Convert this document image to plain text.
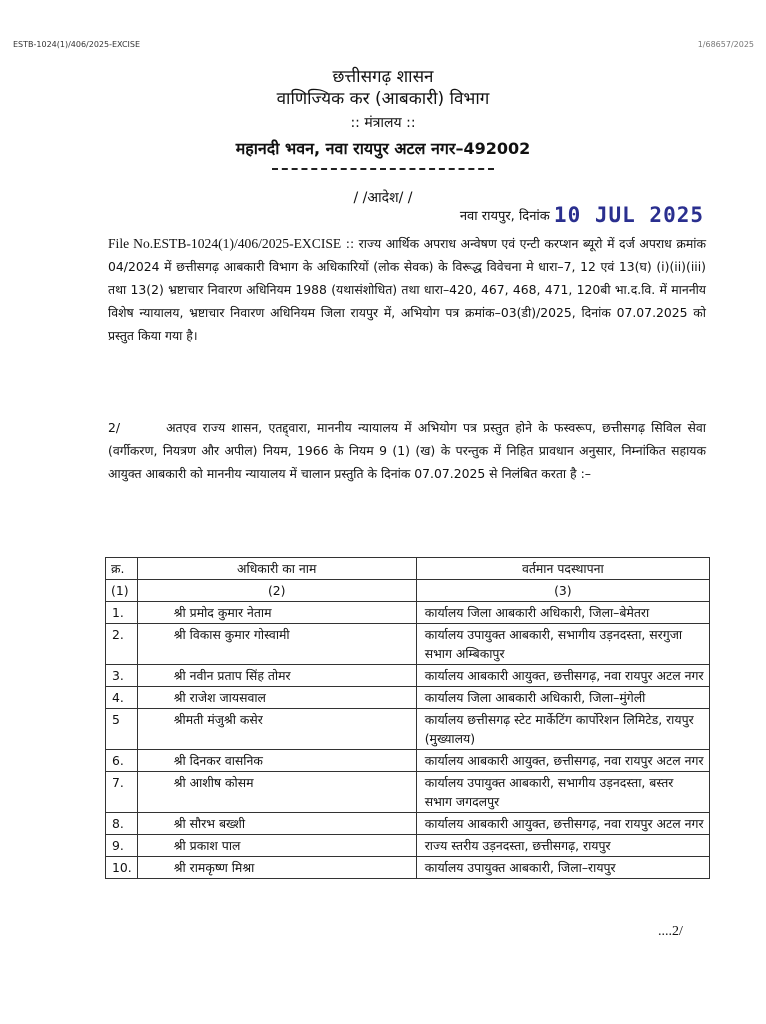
ESTB-1024(1)/406/2025-EXCISE	1/68657/2025
छत्तीसगढ़ शासन
वाणिज्यिक कर (आबकारी) विभाग
:: मंत्रालय ::
महानदी भवन, नवा रायपुर अटल नगर–492002
/ /आदेश/ /
नवा रायपुर, दिनांक 10 JUL 2025
File No.ESTB-1024(1)/406/2025-EXCISE :: राज्य आर्थिक अपराध अन्वेषण एवं एन्टी करप्शन ब्यूरो में दर्ज अपराध क्रमांक 04/2024 में छत्तीसगढ़ आबकारी विभाग के अधिकारियों (लोक सेवक) के विरूद्ध विवेचना मे धारा–7, 12 एवं 13(घ) (i)(ii)(iii) तथा 13(2) भ्रष्टाचार निवारण अधिनियम 1988 (यथासंशोधित) तथा धारा–420, 467, 468, 471, 120बी भा.द.वि. में माननीय विशेष न्यायालय, भ्रष्टाचार निवारण अधिनियम जिला रायपुर में, अभियोग पत्र क्रमांक–03(डी)/2025, दिनांक 07.07.2025 को प्रस्तुत किया गया है।
2/	अतएव राज्य शासन, एतद्द्वारा, माननीय न्यायालय में अभियोग पत्र प्रस्तुत होने के फस्वरूप, छत्तीसगढ़ सिविल सेवा (वर्गीकरण, नियत्रण और अपील) नियम, 1966 के नियम 9 (1) (ख) के परन्तुक में निहित प्रावधान अनुसार, निम्नांकित सहायक आयुक्त आबकारी को माननीय न्यायालय में चालान प्रस्तुति के दिनांक 07.07.2025 से निलंबित करता है :–
क्र.	अधिकारी का नाम	वर्तमान पदस्थापना
(1)	(2)	(3)
1.	श्री प्रमोद कुमार नेताम	कार्यालय जिला आबकारी अधिकारी, जिला–बेमेतरा
2.	श्री विकास कुमार गोस्वामी	कार्यालय उपायुक्त आबकारी, सभागीय उड़नदस्ता, सरगुजा सभाग अम्बिकापुर
3.	श्री नवीन प्रताप सिंह तोमर	कार्यालय आबकारी आयुक्त, छत्तीसगढ़, नवा रायपुर अटल नगर
4.	श्री राजेश जायसवाल	कार्यालय जिला आबकारी अधिकारी, जिला–मुंगेली
5	श्रीमती मंजुश्री कसेर	कार्यालय छत्तीसगढ़ स्टेट मार्केटिंग कार्पोरेशन लिमिटेड, रायपुर (मुख्यालय)
6.	श्री दिनकर वासनिक	कार्यालय आबकारी आयुक्त, छत्तीसगढ़, नवा रायपुर अटल नगर
7.	श्री आशीष कोसम	कार्यालय उपायुक्त आबकारी, सभागीय उड़नदस्ता, बस्तर सभाग जगदलपुर
8.	श्री सौरभ बख्शी	कार्यालय आबकारी आयुक्त, छत्तीसगढ़, नवा रायपुर अटल नगर
9.	श्री प्रकाश पाल	राज्य स्तरीय उड़नदस्ता, छत्तीसगढ़, रायपुर
10.	श्री रामकृष्ण मिश्रा	कार्यालय उपायुक्त आबकारी, जिला–रायपुर
....2/
